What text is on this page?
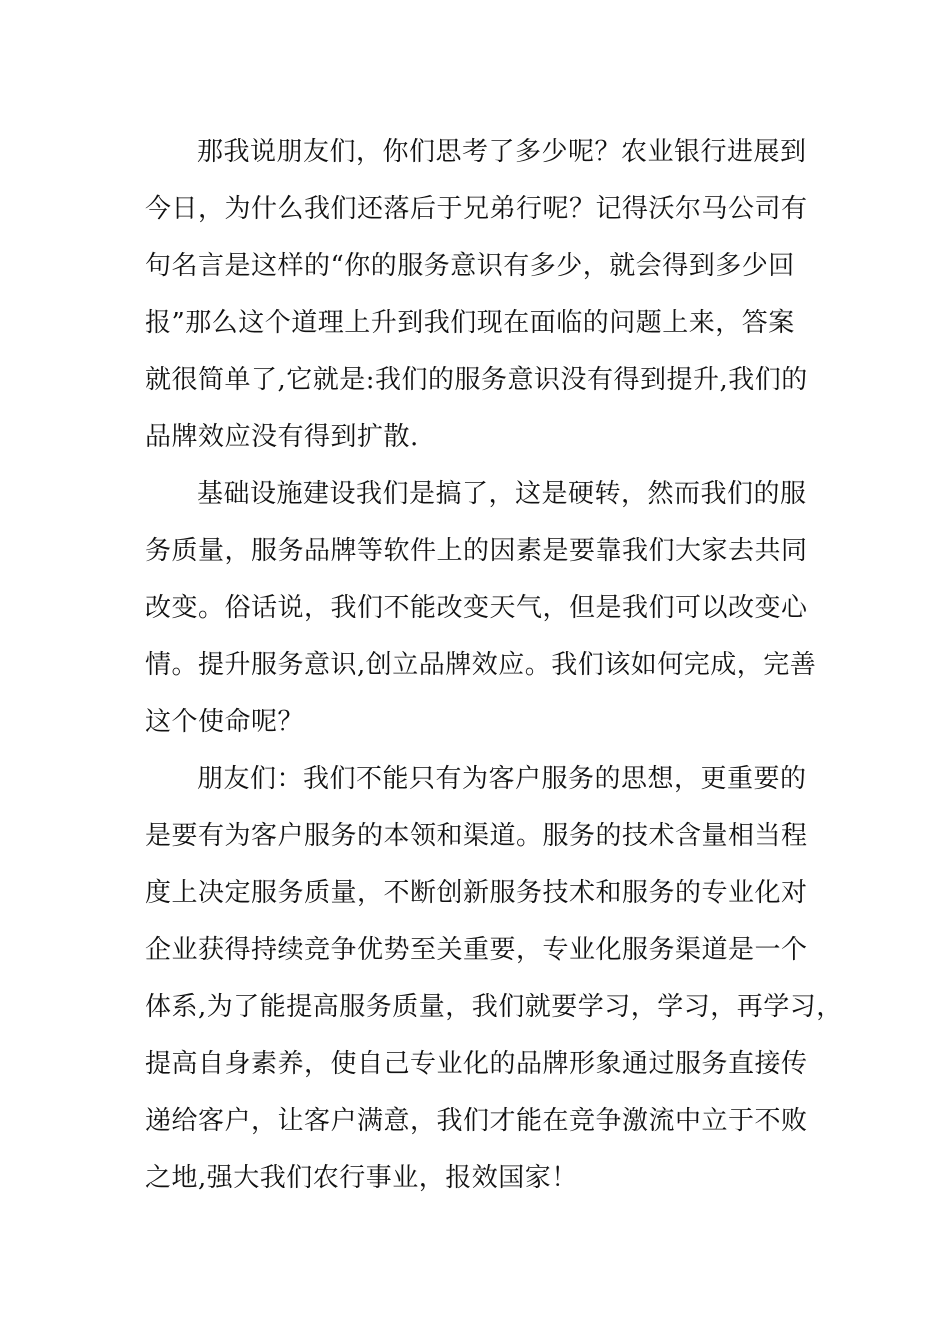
那我说朋友们，你们思考了多少呢？农业银行进展到
今日，为什么我们还落后于兄弟行呢？记得沃尔马公司有
句名言是这样的“你的服务意识有多少，就会得到多少回
报”那么这个道理上升到我们现在面临的问题上来，答案
就很简单了,它就是:我们的服务意识没有得到提升,我们的
品牌效应没有得到扩散.
基础设施建设我们是搞了，这是硬转，然而我们的服
务质量，服务品牌等软件上的因素是要靠我们大家去共同
改变。俗话说，我们不能改变天气，但是我们可以改变心
情。提升服务意识,创立品牌效应。我们该如何完成，完善
这个使命呢？
朋友们：我们不能只有为客户服务的思想，更重要的
是要有为客户服务的本领和渠道。服务的技术含量相当程
度上决定服务质量，不断创新服务技术和服务的专业化对
企业获得持续竞争优势至关重要，专业化服务渠道是一个
体系,为了能提高服务质量，我们就要学习，学习，再学习，
提高自身素养，使自己专业化的品牌形象通过服务直接传
递给客户，让客户满意，我们才能在竞争激流中立于不败
之地,强大我们农行事业，报效国家！
